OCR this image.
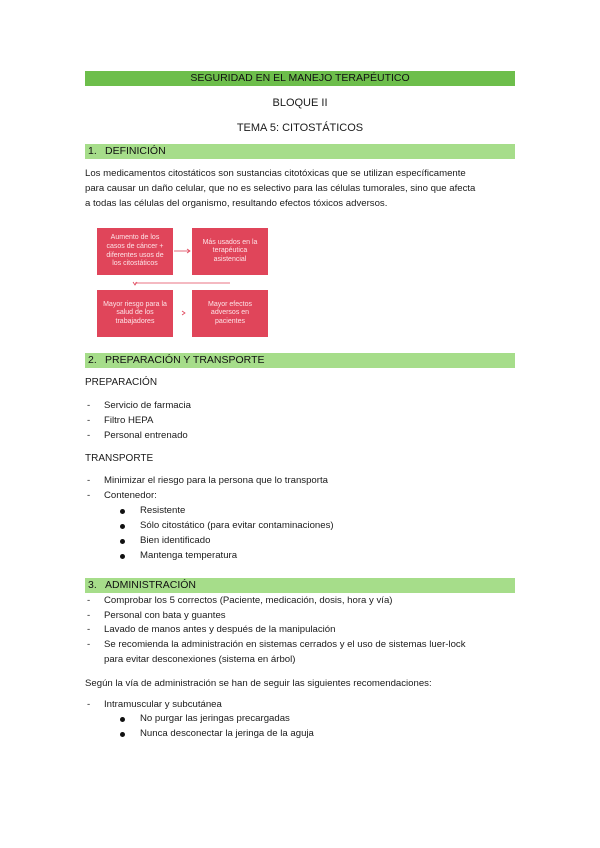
SEGURIDAD EN EL MANEJO TERAPÉUTICO
BLOQUE II
TEMA 5: CITOSTÁTICOS
1. DEFINICIÓN
Los medicamentos citostáticos son sustancias citotóxicas que se utilizan específicamente
para causar un daño celular, que no es selectivo para las células tumorales, sino que afecta
a todas las células del organismo, resultando efectos tóxicos adversos.
Aumento de los casos de cáncer + diferentes usos de los citostáticos
Más usados en la terapéutica asistencial
Mayor riesgo para la salud de los trabajadores
Mayor efectos adversos en pacientes
2. PREPARACIÓN Y TRANSPORTE
PREPARACIÓN
- Servicio de farmacia
- Filtro HEPA
- Personal entrenado
TRANSPORTE
- Minimizar el riesgo para la persona que lo transporta
- Contenedor:
Resistente
Sólo citostático (para evitar contaminaciones)
Bien identificado
Mantenga temperatura
3. ADMINISTRACIÓN
- Comprobar los 5 correctos (Paciente, medicación, dosis, hora y vía)
- Personal con bata y guantes
- Lavado de manos antes y después de la manipulación
- Se recomienda la administración en sistemas cerrados y el uso de sistemas luer-lock
para evitar desconexiones (sistema en árbol)
Según la vía de administración se han de seguir las siguientes recomendaciones:
- Intramuscular y subcutánea
No purgar las jeringas precargadas
Nunca desconectar la jeringa de la aguja
